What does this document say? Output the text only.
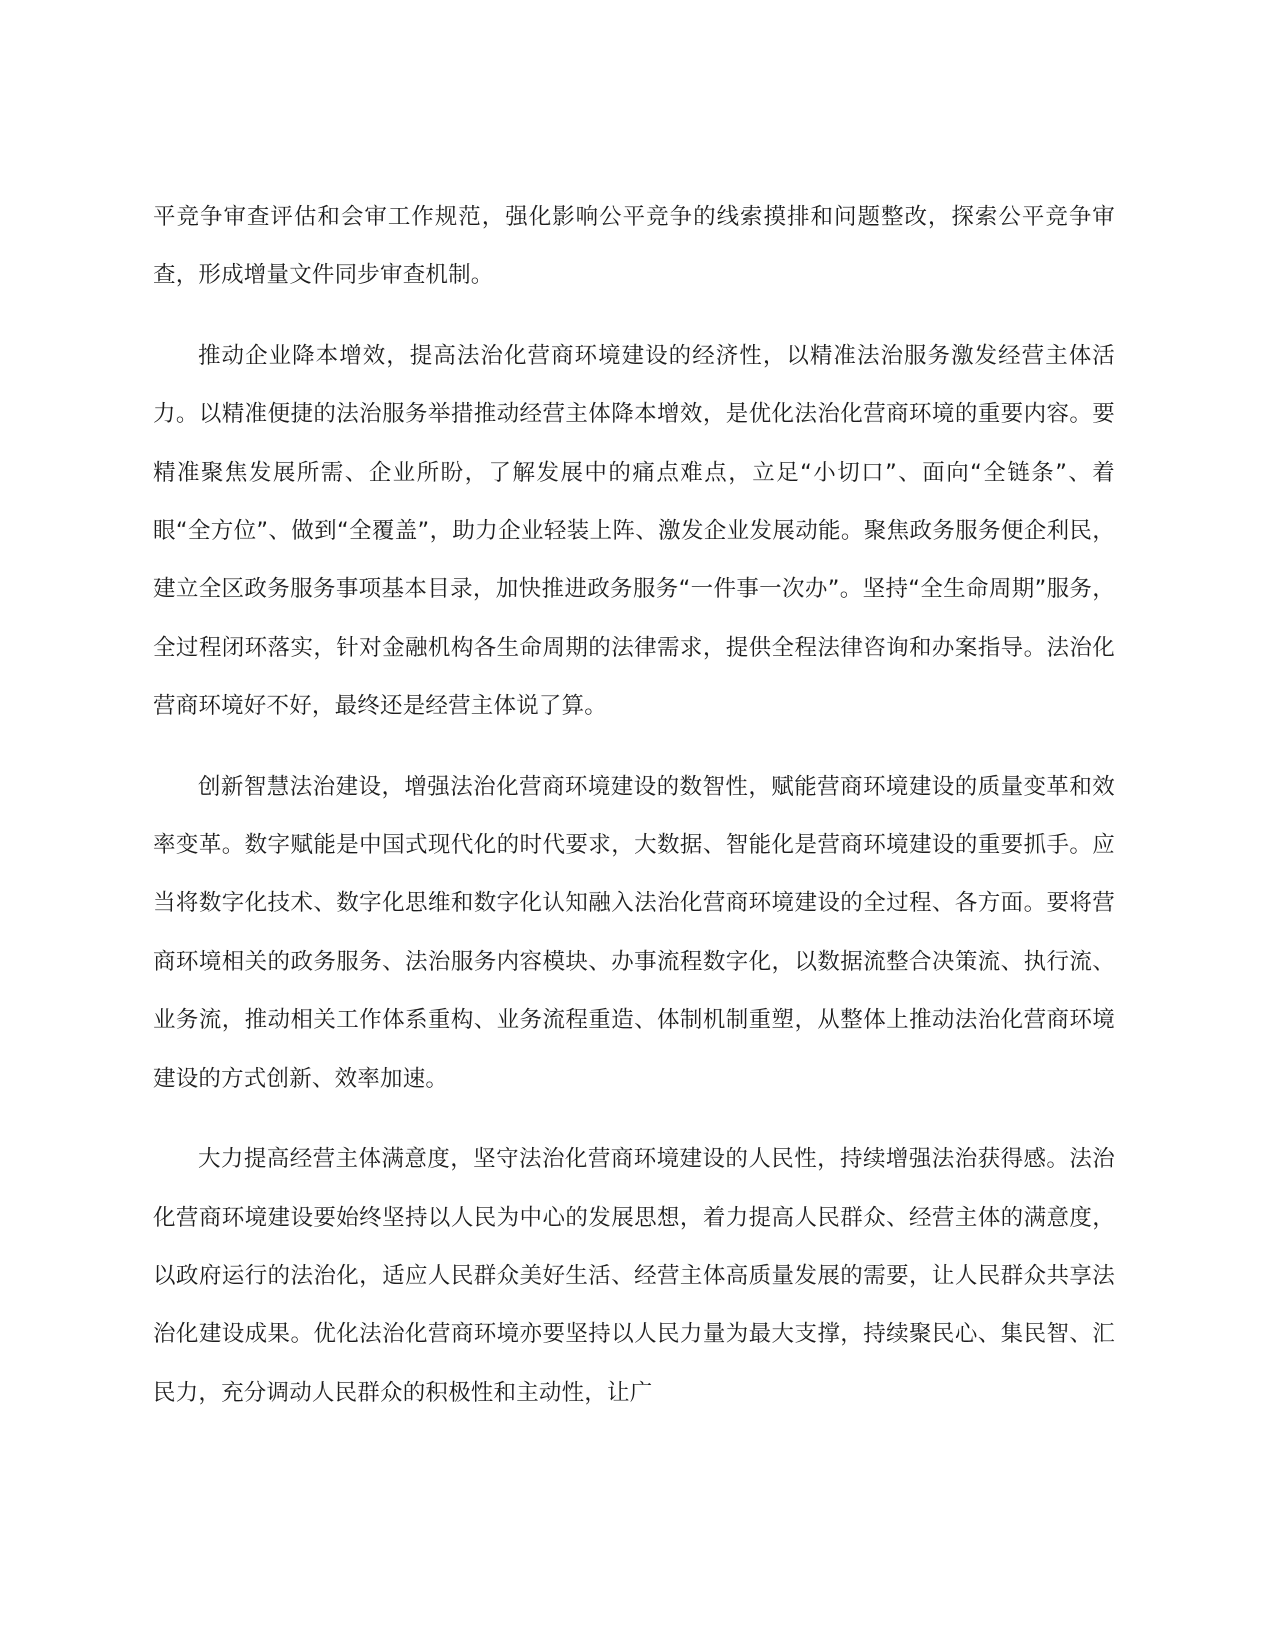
平竞争审查评估和会审工作规范，强化影响公平竞争的线索摸排和问题整改，探索公平竞争审查，形成增量文件同步审查机制。

推动企业降本增效，提高法治化营商环境建设的经济性，以精准法治服务激发经营主体活力。以精准便捷的法治服务举措推动经营主体降本增效，是优化法治化营商环境的重要内容。要精准聚焦发展所需、企业所盼，了解发展中的痛点难点，立足“小切口”、面向“全链条”、着眼“全方位”、做到“全覆盖”，助力企业轻装上阵、激发企业发展动能。聚焦政务服务便企利民，建立全区政务服务事项基本目录，加快推进政务服务“一件事一次办”。坚持“全生命周期”服务，全过程闭环落实，针对金融机构各生命周期的法律需求，提供全程法律咨询和办案指导。法治化营商环境好不好，最终还是经营主体说了算。

创新智慧法治建设，增强法治化营商环境建设的数智性，赋能营商环境建设的质量变革和效率变革。数字赋能是中国式现代化的时代要求，大数据、智能化是营商环境建设的重要抓手。应当将数字化技术、数字化思维和数字化认知融入法治化营商环境建设的全过程、各方面。要将营商环境相关的政务服务、法治服务内容模块、办事流程数字化，以数据流整合决策流、执行流、业务流，推动相关工作体系重构、业务流程重造、体制机制重塑，从整体上推动法治化营商环境建设的方式创新、效率加速。

大力提高经营主体满意度，坚守法治化营商环境建设的人民性，持续增强法治获得感。法治化营商环境建设要始终坚持以人民为中心的发展思想，着力提高人民群众、经营主体的满意度，以政府运行的法治化，适应人民群众美好生活、经营主体高质量发展的需要，让人民群众共享法治化建设成果。优化法治化营商环境亦要坚持以人民力量为最大支撑，持续聚民心、集民智、汇民力，充分调动人民群众的积极性和主动性，让广
